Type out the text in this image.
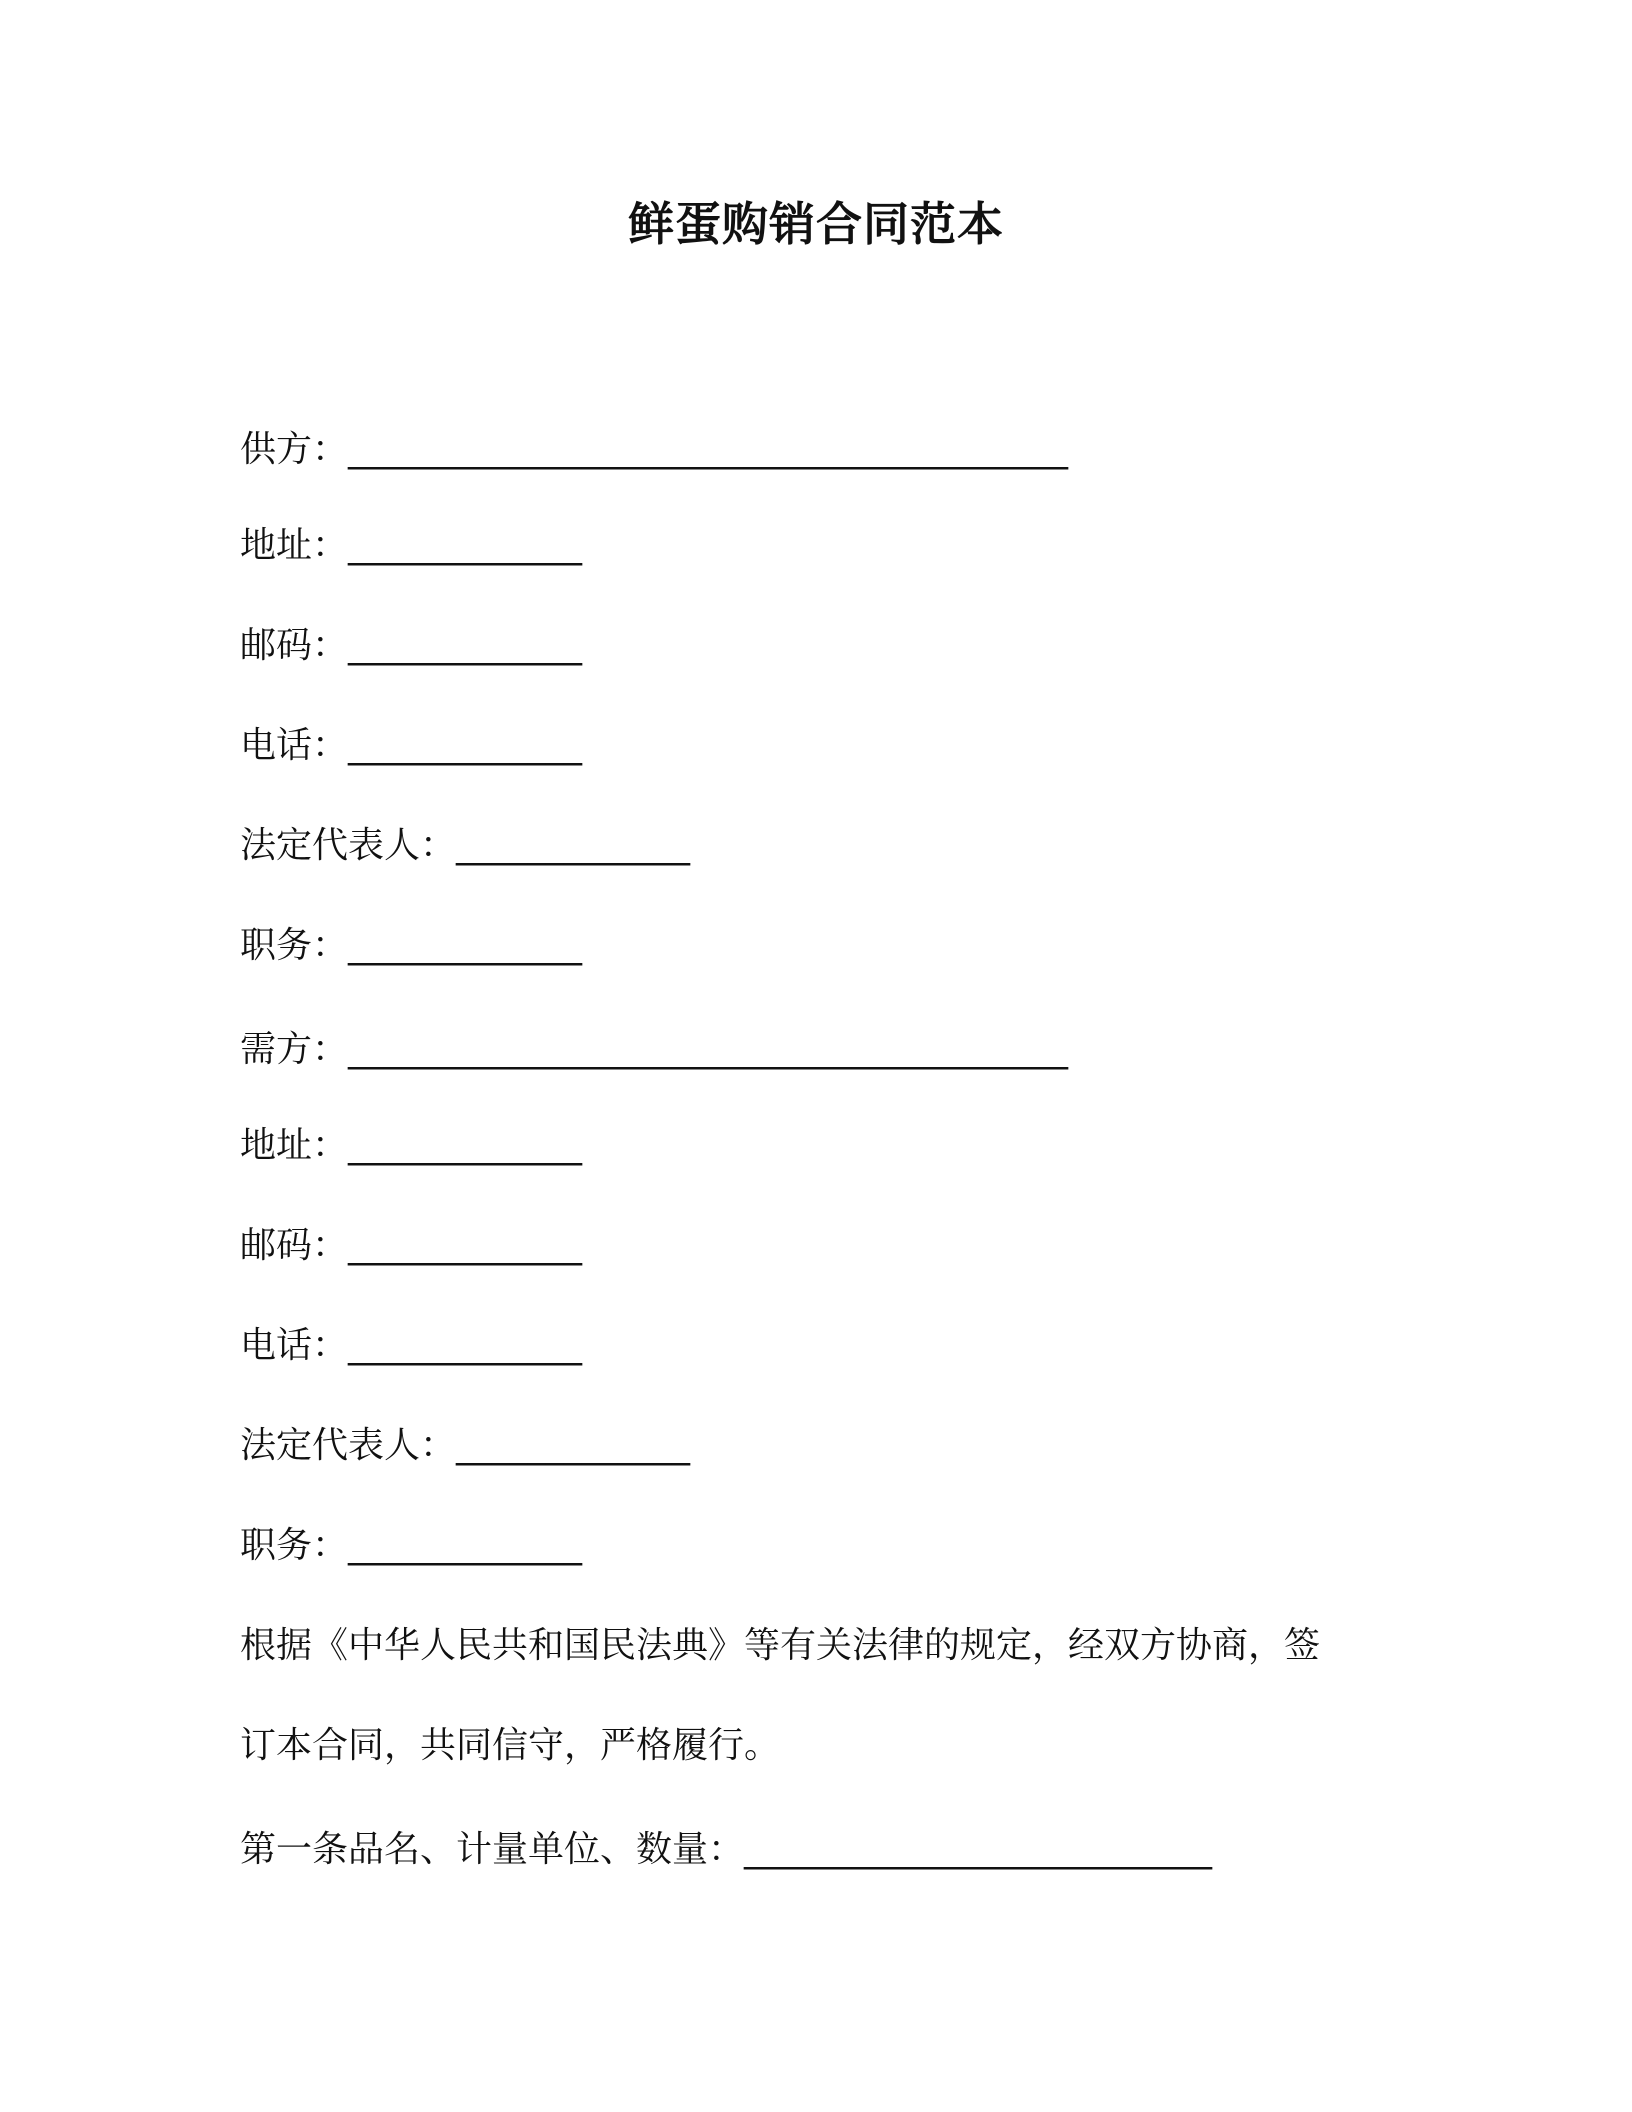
鲜蛋购销合同范本
供方：________________________________________
地址：_____________
邮码：_____________
电话：_____________
法定代表人：_____________
职务：_____________
需方：________________________________________
地址：_____________
邮码：_____________
电话：_____________
法定代表人：_____________
职务：_____________
根据《中华人民共和国民法典》等有关法律的规定，经双方协商，签
订本合同，共同信守，严格履行。
第一条品名、计量单位、数量：__________________________
